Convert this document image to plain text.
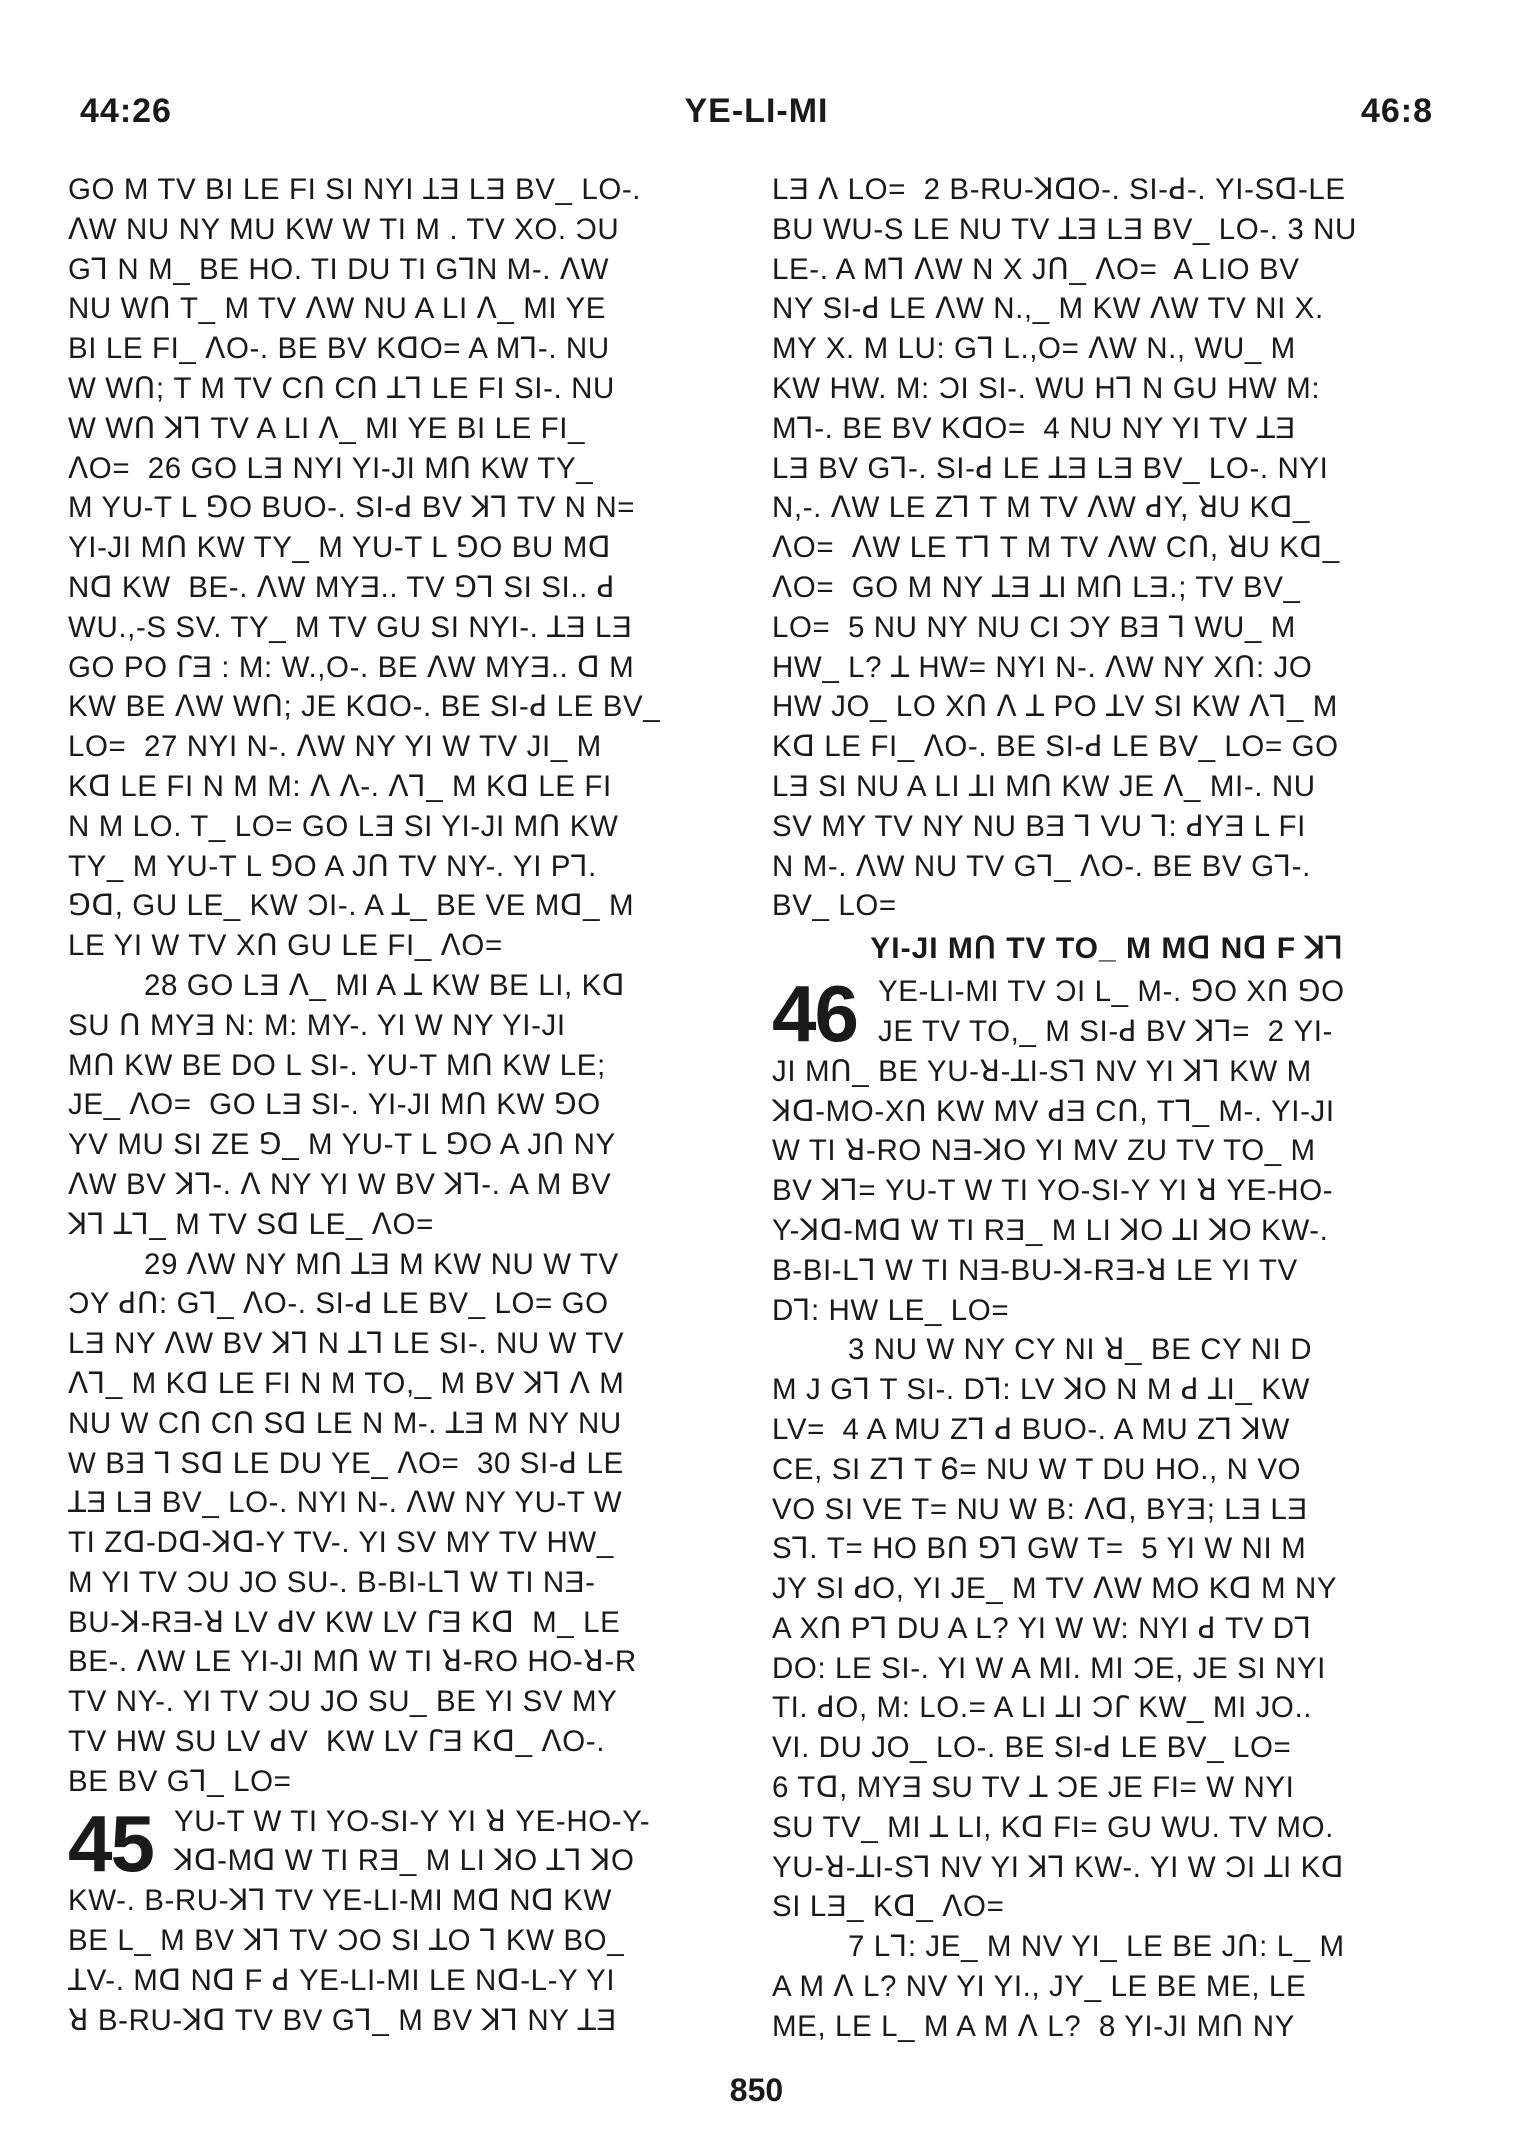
44:26	YE-LI-MI	46:8
GO M TV BI LE FI SI NYI ꞱƎ LƎ BV_ LO-.
ꓥW NU NY MU KW W TI M . TV XO. ƆU
Gꓶ N M_ BE HO. TI DU TI GꓶN M-. ꓥW
NU WՈ T_ M TV ꓥW NU A LI ꓥ_ MI YE
BI LE FI_ ꓥO-. BE BV KꓷO= A Mꓶ-. NU
W WՈ; T M TV CՈ CՈ ꓕꓶ LE FI SI-. NU
W WՈ ꓘꓶ TV A LI ꓥ_ MI YE BI LE FI_
ꓥO=  26 GO LƎ NYI YI-JI MՈ KW TY_
M YU-T L ꓨO BUO-. SI-ꓒ BV ꓘꓶ TV N N=
YI-JI MՈ KW TY_ M YU-T L ꓨO BU Mꓷ
Nꓷ KW  BE-. ꓥW MYƎ.. TV ꓨꓶ SI SI.. ꓒ
WU.,-S SV. TY_ M TV GU SI NYI-. ꓕƎ LƎ
GO PO ꓩƎ : M: W.,O-. BE ꓥW MYƎ.. ꓷ M
KW BE ꓥW WՈ; JE KꓷO-. BE SI-ꓒ LE BV_
LO=  27 NYI N-. ꓥW NY YI W TV JI_ M
Kꓷ LE FI N M M: ꓥ ꓥ-. ꓥꓶ_ M Kꓷ LE FI
N M LO. T_ LO= GO LƎ SI YI-JI MՈ KW
TY_ M YU-T L ꓨO A JՈ TV NY-. YI Pꓶ.
ꓨꓷ, GU LE_ KW ƆI-. A ꓕ_ BE VE Mꓷ_ M
LE YI W TV XՈ GU LE FI_ ꓥO=
28 GO LƎ ꓥ_ MI A ꓕ KW BE LI, Kꓷ
SU Ո MYƎ N: M: MY-. YI W NY YI-JI
MՈ KW BE DO L SI-. YU-T MՈ KW LE;
JE_ ꓥO=  GO LƎ SI-. YI-JI MՈ KW ꓨO
YV MU SI ZE ꓨ_ M YU-T L ꓨO A JՈ NY
ꓥW BV ꓘꓶ-. ꓥ NY YI W BV ꓘꓶ-. A M BV
ꓘꓶ ꓕꓶ_ M TV Sꓷ LE_ ꓥO=
29 ꓥW NY MՈ ꓕƎ M KW NU W TV
ƆY ꓒՈ: Gꓶ_ ꓥO-. SI-ꓒ LE BV_ LO= GO
LƎ NY ꓥW BV ꓘꓶ N ꓕꓶ LE SI-. NU W TV
ꓥꓶ_ M Kꓷ LE FI N M TO,_ M BV ꓘꓶ ꓥ M
NU W CՈ CՈ Sꓷ LE N M-. ꓕƎ M NY NU
W BƎ ꓶ Sꓷ LE DU YE_ ꓥO=  30 SI-ꓒ LE
ꓕƎ LƎ BV_ LO-. NYI N-. ꓥW NY YU-T W
TI Zꓷ-Dꓷ-ꓘꓷ-Y TV-. YI SV MY TV HW_
M YI TV ƆU JO SU-. B-BI-Lꓶ W TI NƎ-
BU-ꓘ-RƎ-ꓤ LV ꓒV KW LV ꓩƎ Kꓷ  M_ LE
BE-. ꓥW LE YI-JI MՈ W TI ꓤ-RO HO-ꓤ-R
TV NY-. YI TV ƆU JO SU_ BE YI SV MY
TV HW SU LV ꓒV  KW LV ꓩƎ Kꓷ_ ꓥO-.
BE BV Gꓶ_ LO=
45 YU-T W TI YO-SI-Y YI ꓤ YE-HO-Y-
ꓘꓷ-Mꓷ W TI RƎ_ M LI ꓘO ꓕꓶ ꓘO
KW-. B-RU-ꓘꓶ TV YE-LI-MI Mꓷ Nꓷ KW
BE L_ M BV ꓘꓶ TV ƆO SI ꓕO ꓶ KW BO_
ꓕV-. Mꓷ Nꓷ F ꓒ YE-LI-MI LE Nꓷ-L-Y YI
ꓤ B-RU-ꓘꓷ TV BV Gꓶ_ M BV ꓘꓶ NY ꓕƎ
LƎ ꓥ LO=  2 B-RU-ꓘꓷO-. SI-ꓒ-. YI-Sꓷ-LE
BU WU-S LE NU TV ꓕƎ LƎ BV_ LO-. 3 NU
LE-. A Mꓶ ꓥW N X JՈ_ ꓥO=  A LIO BV
NY SI-ꓒ LE ꓥW N.,_ M KW ꓥW TV NI X.
MY X. M LU: Gꓶ L.,O= ꓥW N., WU_ M
KW HW. M: ƆI SI-. WU Hꓶ N GU HW M:
Mꓶ-. BE BV KꓷO=  4 NU NY YI TV ꓕƎ
LƎ BV Gꓶ-. SI-ꓒ LE ꓕƎ LƎ BV_ LO-. NYI
N,-. ꓥW LE Zꓶ T M TV ꓥW ꓒY, ꓤU Kꓷ_
ꓥO=  ꓥW LE Tꓶ T M TV ꓥW CՈ, ꓤU Kꓷ_
ꓥO=  GO M NY ꓕƎ ꓕI MՈ LƎ.; TV BV_
LO=  5 NU NY NU CI ƆY BƎ ꓶ WU_ M
HW_ L? ꓕ HW= NYI N-. ꓥW NY XՈ: JO
HW JO_ LO XՈ ꓥ ꓕ PO ꓕV SI KW ꓥꓶ_ M
Kꓷ LE FI_ ꓥO-. BE SI-ꓒ LE BV_ LO= GO
LƎ SI NU A LI ꓕI MՈ KW JE ꓥ_ MI-. NU
SV MY TV NY NU BƎ ꓶ VU ꓶ: ꓒYƎ L FI
N M-. ꓥW NU TV Gꓶ_ ꓥO-. BE BV Gꓶ-.
BV_ LO=
YI-JI MՈ TV TO_ M Mꓷ Nꓷ F ꓘꓶ
46 YE-LI-MI TV ƆI L_ M-. ꓨO XՈ ꓨO
JE TV TO,_ M SI-ꓒ BV ꓘꓶ=  2 YI-
JI MՈ_ BE YU-ꓤ-ꓕI-Sꓶ NV YI ꓘꓶ KW M
ꓘꓷ-MO-XՈ KW MV ꓒƎ CՈ, Tꓶ_ M-. YI-JI
W TI ꓤ-RO NƎ-ꓘO YI MV ZU TV TO_ M
BV ꓘꓶ= YU-T W TI YO-SI-Y YI ꓤ YE-HO-
Y-ꓘꓷ-Mꓷ W TI RƎ_ M LI ꓘO ꓕI ꓘO KW-.
B-BI-Lꓶ W TI NƎ-BU-ꓘ-RƎ-ꓤ LE YI TV
Dꓶ: HW LE_ LO=
3 NU W NY CY NI ꓤ_ BE CY NI D
M J Gꓶ T SI-. Dꓶ: LV ꓘO N M ꓒ ꓕI_ KW
LV=  4 A MU Zꓶ ꓒ BUO-. A MU Zꓶ ꓘW
CE, SI Zꓶ T Ꮾ= NU W T DU HO., N VO
VO SI VE T= NU W B: ꓥꓷ, BYƎ; LƎ LƎ
Sꓶ. T= HO BՈ ꓨꓶ GW T=  5 YI W NI M
JY SI ꓒO, YI JE_ M TV ꓥW MO Kꓷ M NY
A XՈ Pꓶ DU A L? YI W W: NYI ꓒ TV Dꓶ
DO: LE SI-. YI W A MI. MI ƆE, JE SI NYI
TI. ꓒO, M: LO.= A LI ꓕI Ɔꓩ KW_ MI JO..
VI. DU JO_ LO-. BE SI-ꓒ LE BV_ LO=
6 Tꓷ, MYƎ SU TV ꓕ ƆE JE FI= W NYI
SU TV_ MI ꓕ LI, Kꓷ FI= GU WU. TV MO.
YU-ꓤ-ꓕI-Sꓶ NV YI ꓘꓶ KW-. YI W ƆI ꓕI Kꓷ
SI LƎ_ Kꓷ_ ꓥO=
7 Lꓶ: JE_ M NV YI_ LE BE JՈ: L_ M
A M ꓥ L? NV YI YI., JY_ LE BE ME, LE
ME, LE L_ M A M ꓥ L?  8 YI-JI MՈ NY
850
